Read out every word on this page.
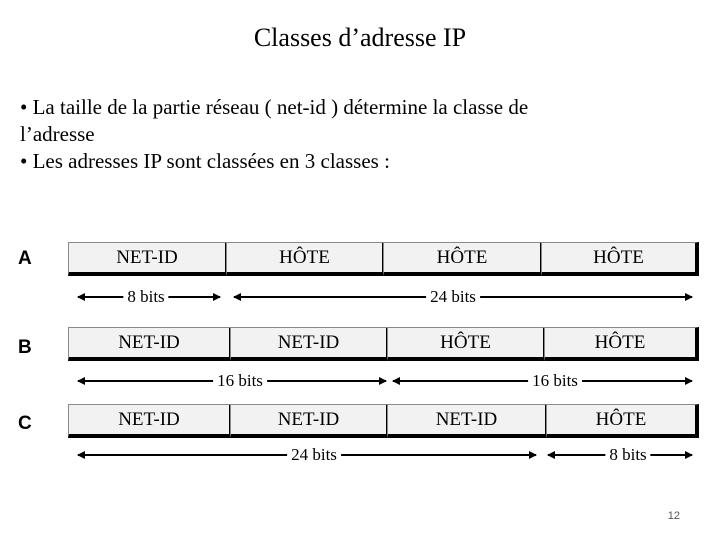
Classes d’adresse IP
• La taille de la partie réseau ( net-id ) détermine la classe de
l’adresse
• Les adresses IP sont classées en 3 classes :
A	NET-ID	HÔTE	HÔTE	HÔTE
8 bits	24 bits
B	NET-ID	NET-ID	HÔTE	HÔTE
16 bits	16 bits
C	NET-ID	NET-ID	NET-ID	HÔTE
24 bits	8 bits
12
